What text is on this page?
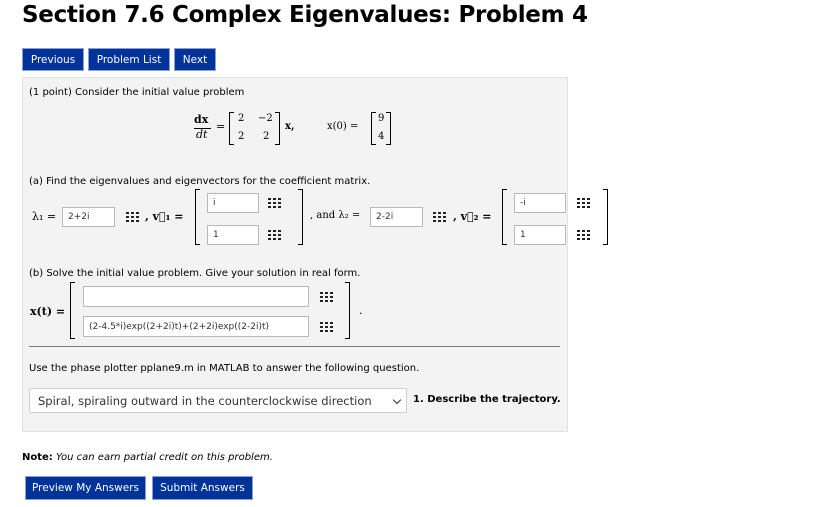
Section 7.6 Complex Eigenvalues: Problem 4
Previous	Problem List	Next
(1 point) Consider the initial value problem
dx
dt
=
2 −2
2 2
x,	x(0) =
9
4
(a) Find the eigenvalues and eigenvectors for the coefficient matrix.
λ₁ =	2+2i	, v⃗₁ =
i
1
, and λ₂ =	2-2i	, v⃗₂ =
-i
1
(b) Solve the initial value problem. Give your solution in real form.
x(t) =
(2-4.5*i)exp((2+2i)t)+(2+2i)exp((2-2i)t)
.
Use the phase plotter pplane9.m in MATLAB to answer the following question.
Spiral, spiraling outward in the counterclockwise direction	1. Describe the trajectory.
Note: You can earn partial credit on this problem.
Preview My Answers	Submit Answers
